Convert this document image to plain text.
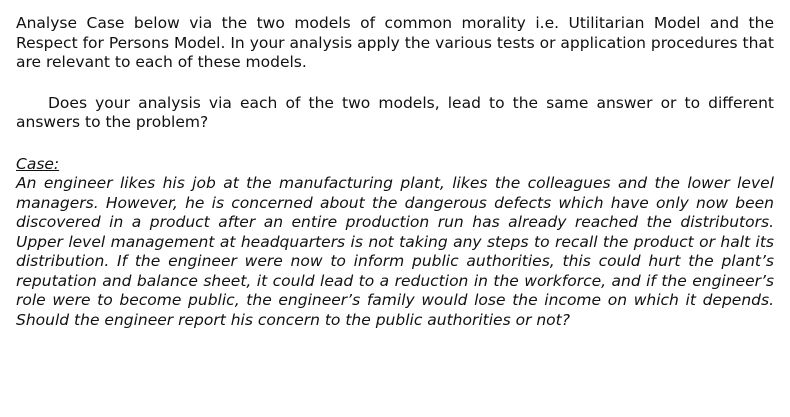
Analyse Case below via the two models of common morality i.e. Utilitarian Model and the Respect for Persons Model. In your analysis apply the various tests or application procedures that are relevant to each of these models.

Does your analysis via each of the two models, lead to the same answer or to different answers to the problem?

Case:

An engineer likes his job at the manufacturing plant, likes the colleagues and the lower level managers. However, he is concerned about the dangerous defects which have only now been discovered in a product after an entire production run has already reached the distributors. Upper level management at headquarters is not taking any steps to recall the product or halt its distribution. If the engineer were now to inform public authorities, this could hurt the plant’s reputation and balance sheet, it could lead to a reduction in the workforce, and if the engineer’s role were to become public, the engineer’s family would lose the income on which it depends. Should the engineer report his concern to the public authorities or not?
